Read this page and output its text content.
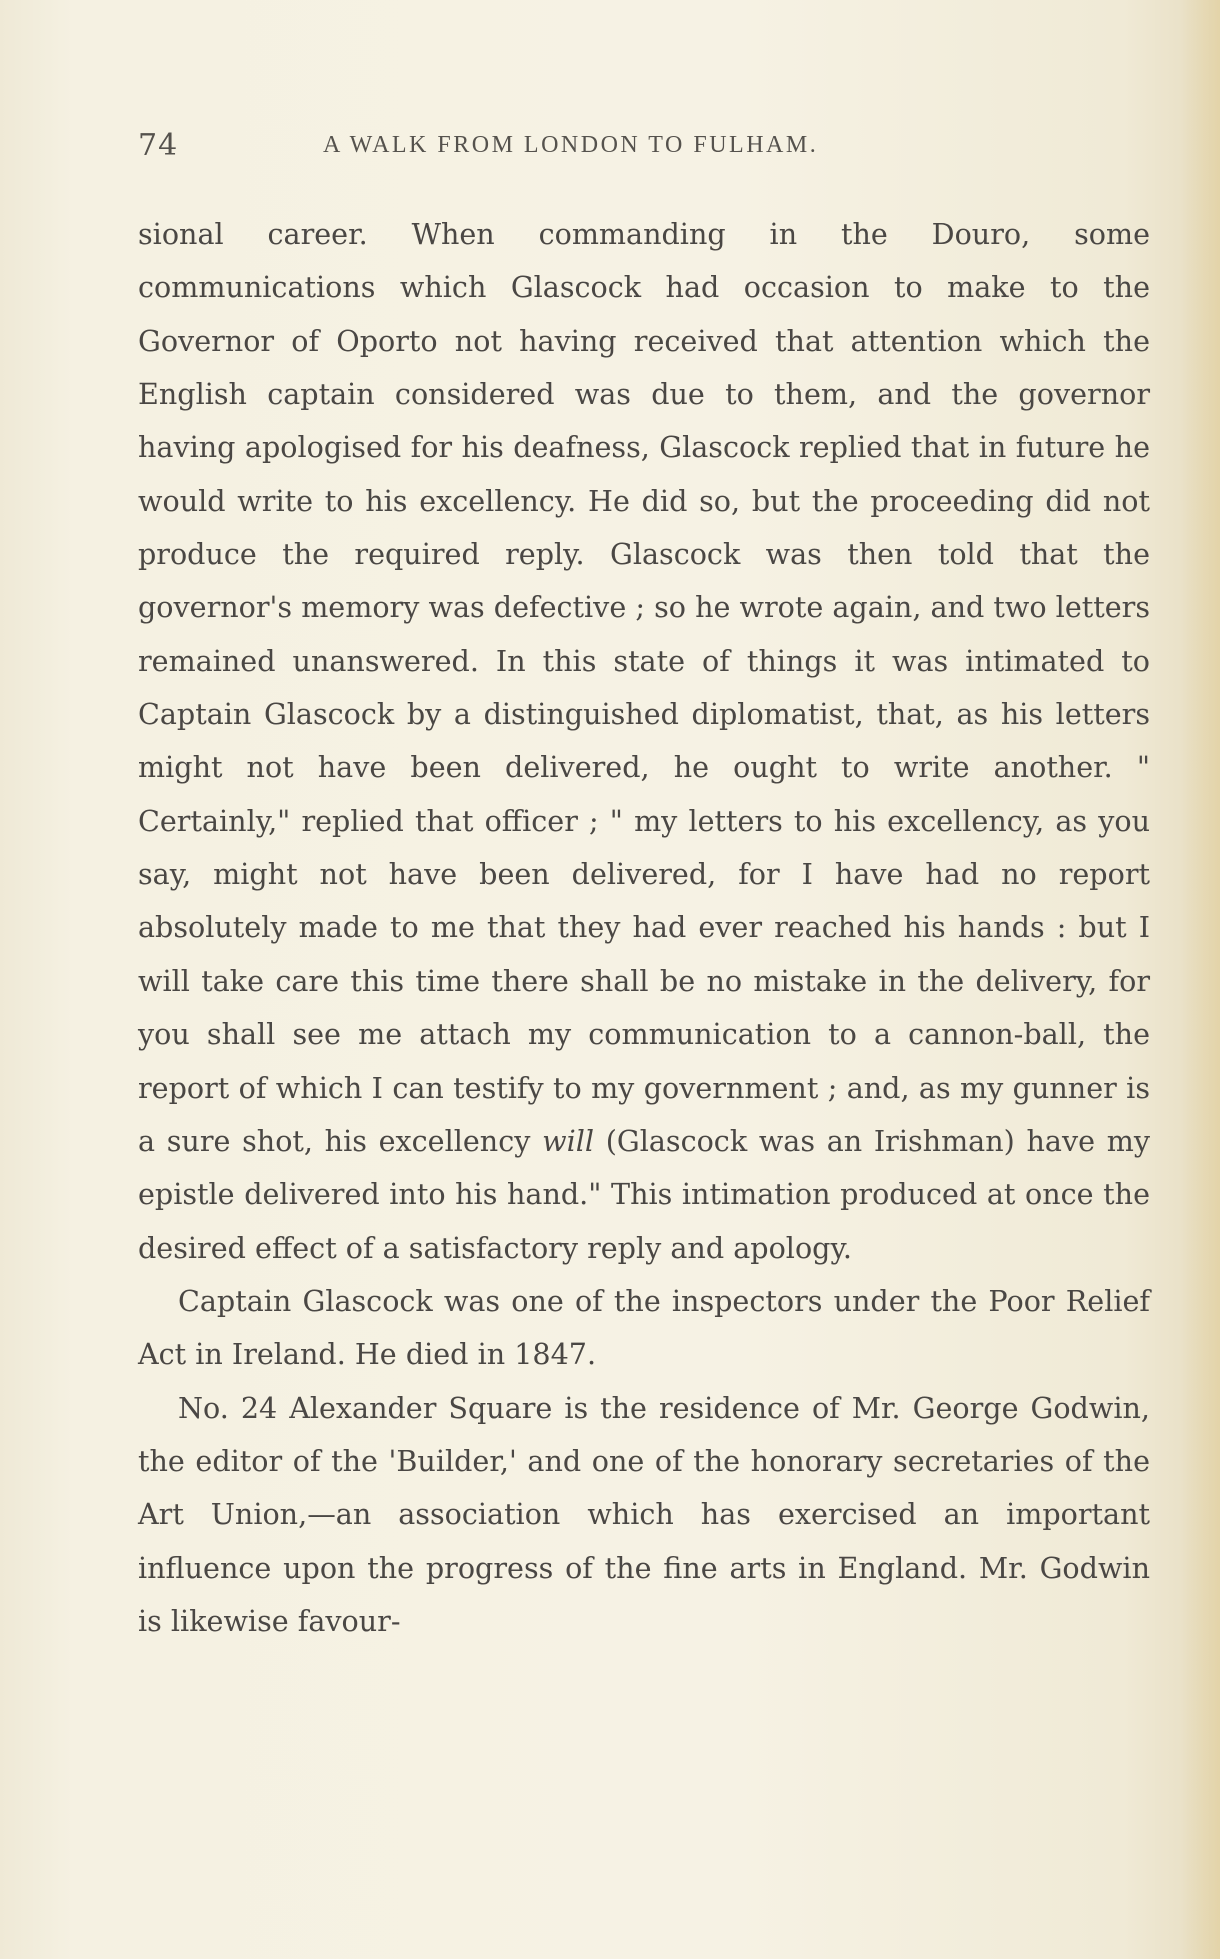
74	A WALK FROM LONDON TO FULHAM.

sional career. When commanding in the Douro, some communications which Glascock had occasion to make to the Governor of Oporto not having received that attention which the English captain considered was due to them, and the governor having apologised for his deafness, Glascock replied that in future he would write to his excellency. He did so, but the proceeding did not produce the required reply. Glascock was then told that the governor's memory was defective ; so he wrote again, and two letters remained unanswered. In this state of things it was intimated to Captain Glascock by a distinguished diplomatist, that, as his letters might not have been delivered, he ought to write another. " Certainly," replied that officer ; " my letters to his excellency, as you say, might not have been delivered, for I have had no report absolutely made to me that they had ever reached his hands : but I will take care this time there shall be no mistake in the delivery, for you shall see me attach my communication to a cannon-ball, the report of which I can testify to my government ; and, as my gunner is a sure shot, his excellency will (Glascock was an Irishman) have my epistle delivered into his hand." This intimation produced at once the desired effect of a satisfactory reply and apology.

Captain Glascock was one of the inspectors under the Poor Relief Act in Ireland. He died in 1847.

No. 24 Alexander Square is the residence of Mr. George Godwin, the editor of the 'Builder,' and one of the honorary secretaries of the Art Union,—an association which has exercised an important influence upon the progress of the fine arts in England. Mr. Godwin is likewise favour-
